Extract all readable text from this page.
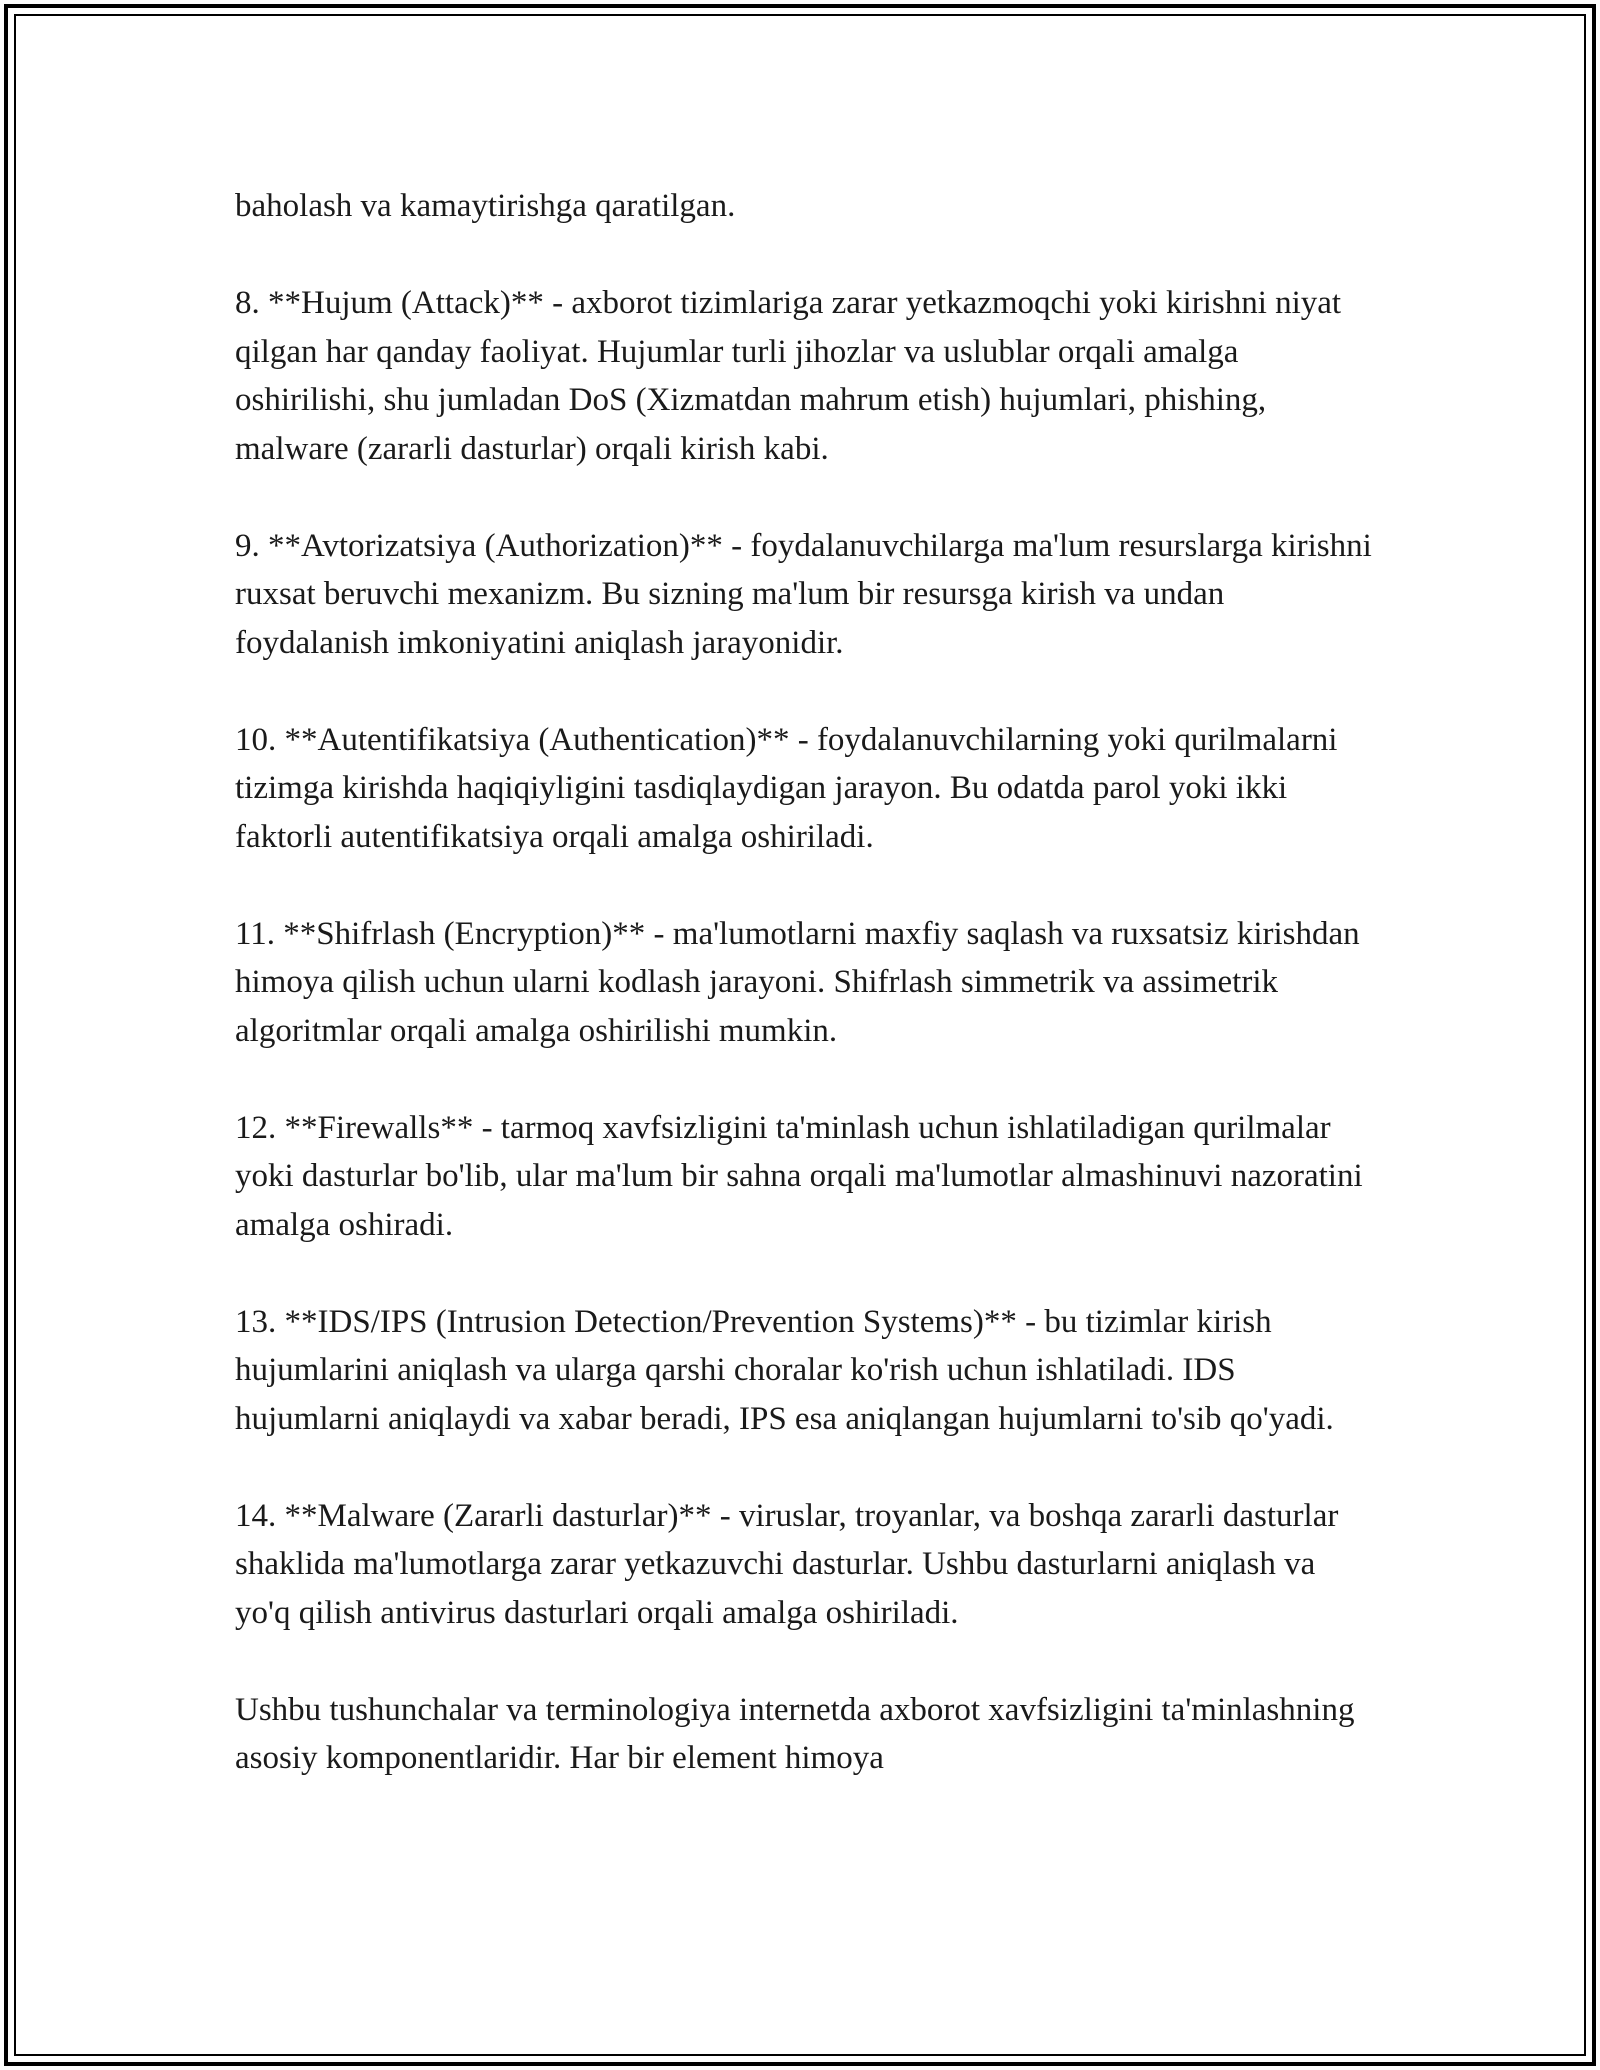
baholash va kamaytirishga qaratilgan.

8. **Hujum (Attack)** - axborot tizimlariga zarar yetkazmoqchi yoki kirishni niyat qilgan har qanday faoliyat. Hujumlar turli jihozlar va uslublar orqali amalga oshirilishi, shu jumladan DoS (Xizmatdan mahrum etish) hujumlari, phishing, malware (zararli dasturlar) orqali kirish kabi.

9. **Avtorizatsiya (Authorization)** - foydalanuvchilarga ma'lum resurslarga kirishni ruxsat beruvchi mexanizm. Bu sizning ma'lum bir resursga kirish va undan foydalanish imkoniyatini aniqlash jarayonidir.

10. **Autentifikatsiya (Authentication)** - foydalanuvchilarning yoki qurilmalarni tizimga kirishda haqiqiyligini tasdiqlaydigan jarayon. Bu odatda parol yoki ikki faktorli autentifikatsiya orqali amalga oshiriladi.

11. **Shifrlash (Encryption)** - ma'lumotlarni maxfiy saqlash va ruxsatsiz kirishdan himoya qilish uchun ularni kodlash jarayoni. Shifrlash simmetrik va assimetrik algoritmlar orqali amalga oshirilishi mumkin.

12. **Firewalls** - tarmoq xavfsizligini ta'minlash uchun ishlatiladigan qurilmalar yoki dasturlar bo'lib, ular ma'lum bir sahna orqali ma'lumotlar almashinuvi nazoratini amalga oshiradi.

13. **IDS/IPS (Intrusion Detection/Prevention Systems)** - bu tizimlar kirish hujumlarini aniqlash va ularga qarshi choralar ko'rish uchun ishlatiladi. IDS hujumlarni aniqlaydi va xabar beradi, IPS esa aniqlangan hujumlarni to'sib qo'yadi.

14. **Malware (Zararli dasturlar)** - viruslar, troyanlar, va boshqa zararli dasturlar shaklida ma'lumotlarga zarar yetkazuvchi dasturlar. Ushbu dasturlarni aniqlash va yo'q qilish antivirus dasturlari orqali amalga oshiriladi.

Ushbu tushunchalar va terminologiya internetda axborot xavfsizligini ta'minlashning asosiy komponentlaridir. Har bir element himoya
